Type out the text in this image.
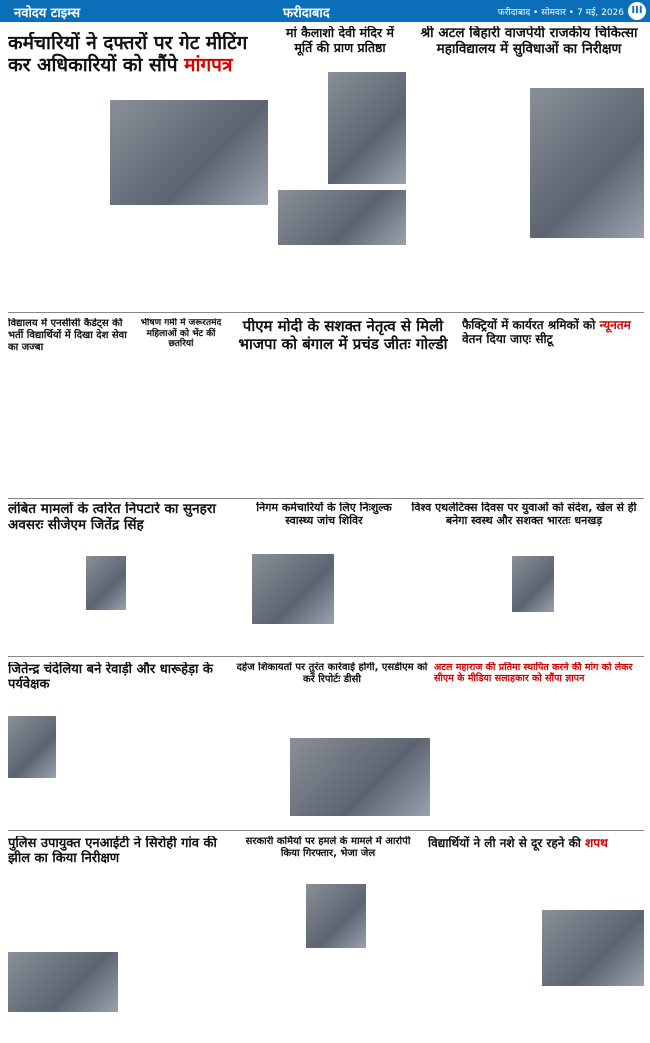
नवोदय टाइम्स	फरीदाबाद	फरीदाबाद • सोमवार • 7 मई, 2026 III
कर्मचारियों ने दफ्तरों पर गेट मीटिंग कर अधिकारियों को सौंपे मांगपत्र
मां कैलाशो देवी मंदिर में मूर्ति की प्राण प्रतिष्ठा
श्री अटल बिहारी वाजपेयी राजकीय चिकित्सा महाविद्यालय में सुविधाओं का निरीक्षण
विद्यालय में एनसीसी कैडेट्स की भर्ती विद्यार्थियों में दिखा देश सेवा का जज्बा
भीषण गर्मी में जरूरतमंद महिलाओं को भेंट कीं छतरियां
पीएम मोदी के सशक्त नेतृत्व से मिली भाजपा को बंगाल में प्रचंड जीतः गोल्डी
फैक्ट्रियों में कार्यरत श्रमिकों को न्यूनतम वेतन दिया जाएः सीटू
लंबित मामलों के त्वरित निपटारे का सुनहरा अवसरः सीजेएम जितेंद्र सिंह
निगम कर्मचारियों के लिए निःशुल्क स्वास्थ्य जांच शिविर
विश्व एथलेटिक्स दिवस पर युवाओं को संदेश, खेल से ही बनेगा स्वस्थ और सशक्त भारतः धनखड़
जितेन्द्र चंदेलिया बने रेवाड़ी और धारूहेड़ा के पर्यवेक्षक
दहेज शिकायतों पर तुरंत कार्रवाई होगी, एसडीएम को करें रिपोर्टः डीसी
अटल महाराज की प्रतिमा स्थापित करने की मांग को लेकर सीएम के मीडिया सलाहकार को सौंपा ज्ञापन
पुलिस उपायुक्त एनआईटी ने सिरोही गांव की झील का किया निरीक्षण
सरकारी कर्मियों पर हमले के मामले में आरोपी किया गिरफ्तार, भेजा जेल
विद्यार्थियों ने ली नशे से दूर रहने की शपथ
